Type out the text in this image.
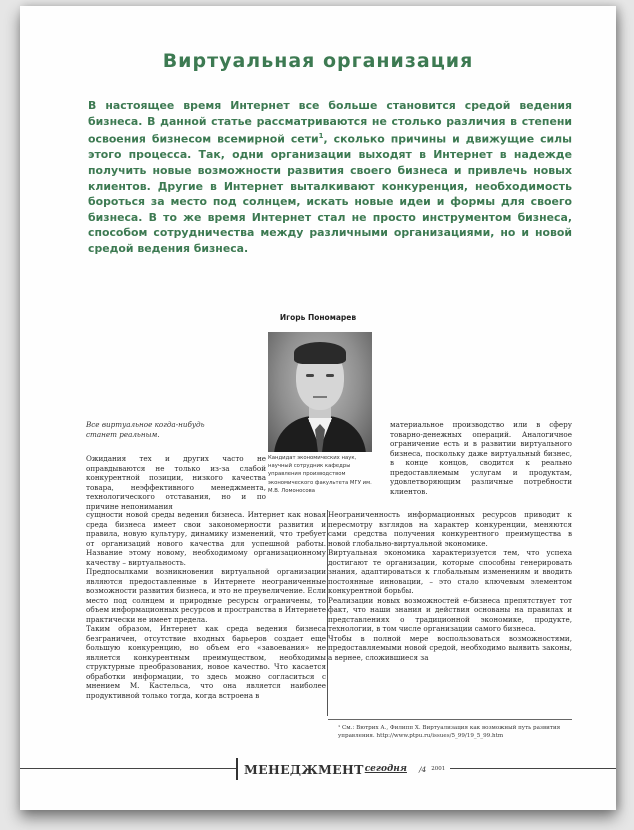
Виртуальная организация

В настоящее время Интернет все больше становится средой ведения бизнеса. В данной статье рассматриваются не столько различия в степени освоения бизнесом всемирной сети$^1$, сколько причины и движущие силы этого процесса. Так, одни организации выходят в Интернет в надежде получить новые возможности развития своего бизнеса и привлечь новых клиентов. Другие в Интернет выталкивают конкуренция, необходимость бороться за место под солнцем, искать новые идеи и формы для своего бизнеса. В то же время Интернет стал не просто инструментом бизнеса, способом сотрудничества между различными организациями, но и новой средой ведения бизнеса.

Игорь Пономарев

Кандидат экономических наук, научный сотрудник кафедры управления производством экономического факультета МГУ им. М.В. Ломоносова

Все виртуальное когда-нибудь станет реальным.

Ожидания тех и других часто не оправдываются не только из-за слабой конкурентной позиции, низкого качества товара, неэффективного менеджмента, технологического отставания, но и по причине непонимания

сущности новой среды ведения бизнеса. Интернет как новая среда бизнеса имеет свои закономерности развития и правила, новую культуру, динамику изменений, что требует от организаций нового качества для успешной работы. Название этому новому, необходимому организационному качеству – виртуальность.

Предпосылками возникновения виртуальной организации являются предоставленные в Интернете неограниченные возможности развития бизнеса, и это не преувеличение. Если место под солнцем и природные ресурсы ограничены, то объем информационных ресурсов и пространства в Интернете практически не имеет предела.

Таким образом, Интернет как среда ведения бизнеса безграничен, отсутствие входных барьеров создает еще большую конкуренцию, но объем его «завоевания» не является конкурентным преимуществом, необходимы структурные преобразования, новое качество. Что касается обработки информации, то здесь можно согласиться с мнением М. Кастельса, что она является наиболее продуктивной только тогда, когда встроена в

материальное производство или в сферу товарно-денежных операций. Аналогичное ограничение есть и в развитии виртуального бизнеса, поскольку даже виртуальный бизнес, в конце концов, сводится к реально предоставляемым услугам и продуктам, удовлетворяющим различные потребности клиентов.

Неограниченность информационных ресурсов приводит к пересмотру взглядов на характер конкуренции, меняются сами средства получения конкурентного преимущества в новой глобально-виртуальной экономике.

Виртуальная экономика характеризуется тем, что успеха достигают те организации, которые способны генерировать знания, адаптироваться к глобальным изменениям и вводить постоянные инновации, – это стало ключевым элементом конкурентной борьбы.

Реализации новых возможностей e-бизнеса препятствует тот факт, что наши знания и действия основаны на правилах и представлениях о традиционной экономике, продукте, технологии, в том числе организации самого бизнеса.

Чтобы в полной мере воспользоваться возможностями, предоставляемыми новой средой, необходимо выявить законы, а вернее, сложившиеся за

¹ См.: Вютрих А., Филипп Х. Виртуализация как возможный путь развития управления. http://www.ptpu.ru/issues/5_99/19_5_99.htm

МЕНЕДЖМЕНТ сегодня /4 2001
